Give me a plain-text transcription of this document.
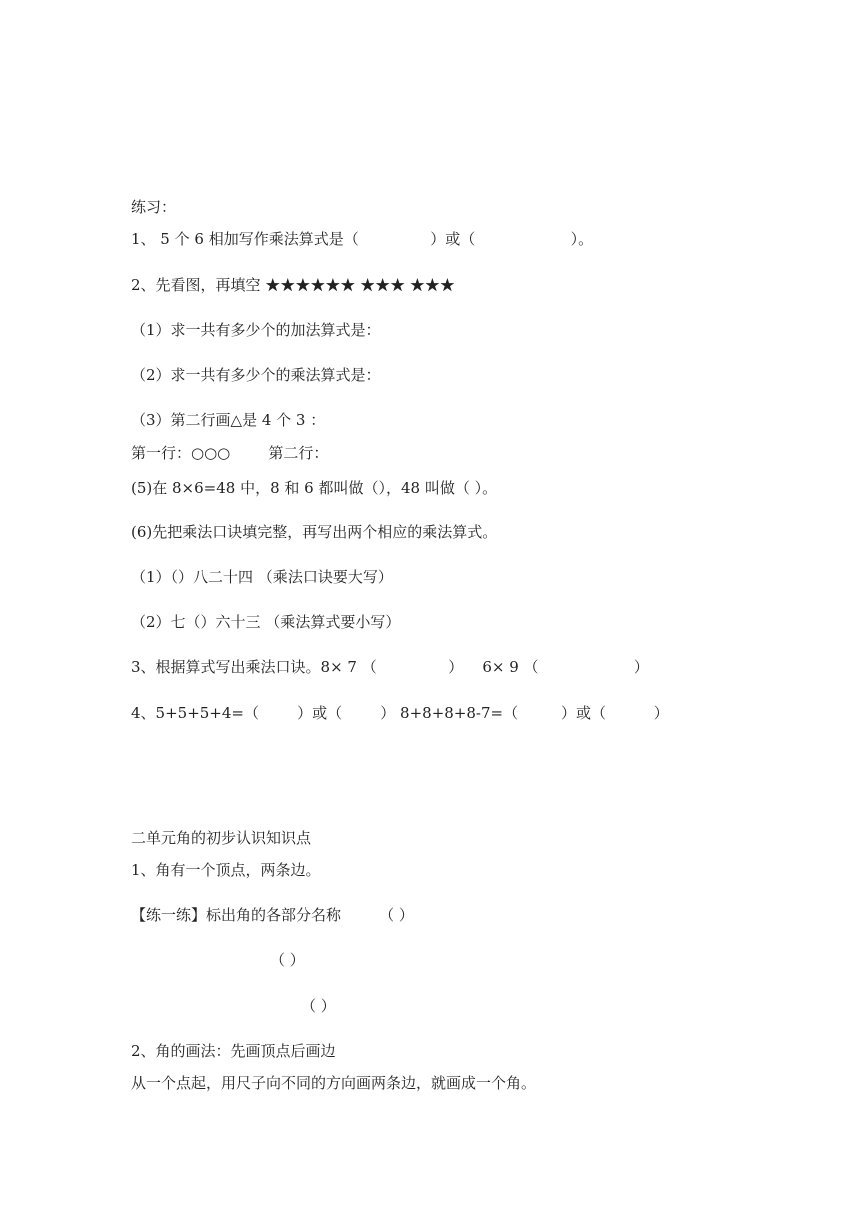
练习：
1、 5 个 6 相加写作乘法算式是（               ）或（                    ）。
2、先看图，再填空 ★★★★★★ ★★★ ★★★
（1）求一共有多少个的加法算式是：
（2）求一共有多少个的乘法算式是：
（3）第二行画△是 4 个 3 ：
第一行：○○○        第二行：
(5)在 8×6=48 中，8 和 6 都叫做（），48 叫做（ ）。
(6)先把乘法口诀填完整，再写出两个相应的乘法算式。
（1）（）八二十四 （乘法口诀要大写）
（2）七（）六十三 （乘法算式要小写）
3、根据算式写出乘法口诀。8× 7 （               ）    6× 9 （                    ）
4、5+5+5+4=（        ）或（        ） 8+8+8+8-7=（         ）或（          ）
二单元角的初步认识知识点
1、角有一个顶点，两条边。
【练一练】标出角的各部分名称        （ ）
（ ）
（ ）
2、角的画法：先画顶点后画边
从一个点起，用尺子向不同的方向画两条边，就画成一个角。
